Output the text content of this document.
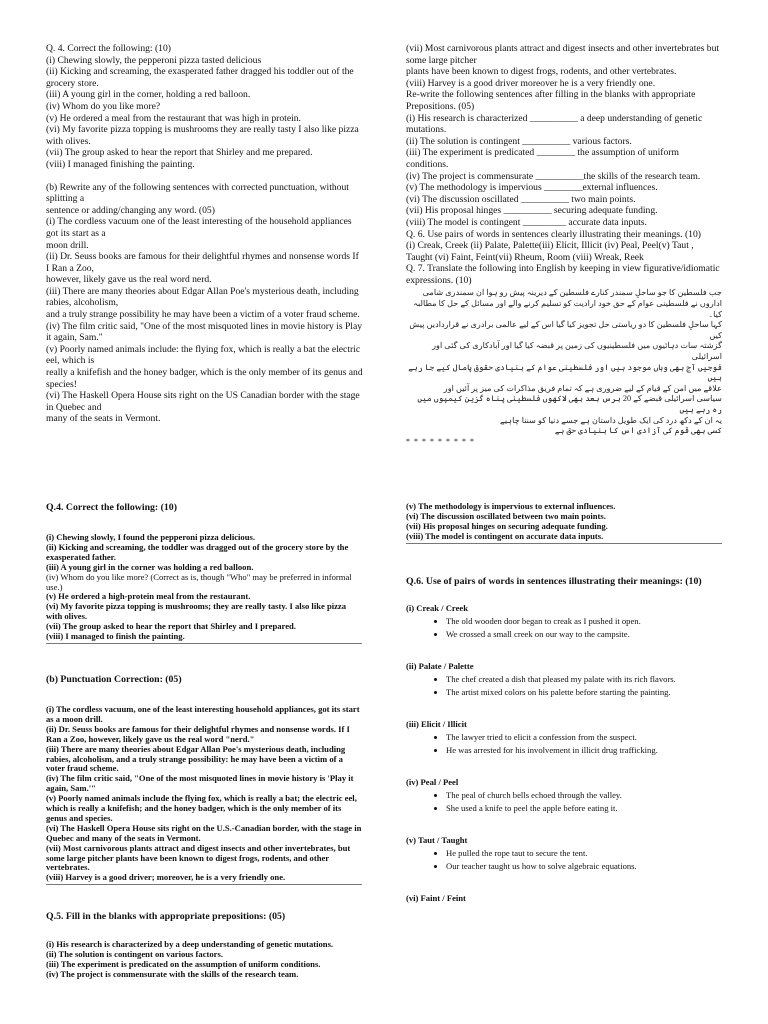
Q. 4. Correct the following: (10)

(i) Chewing slowly, the pepperoni pizza tasted delicious

(ii) Kicking and screaming, the exasperated father dragged his toddler out of the grocery store.

(iii) A young girl in the corner, holding a red balloon.

(iv) Whom do you like more?

(v) He ordered a meal from the restaurant that was high in protein.

(vi) My favorite pizza topping is mushrooms they are really tasty I also like pizza with olives.

(vii) The group asked to hear the report that Shirley and me prepared.

(viii) I managed finishing the painting.

(b) Rewrite any of the following sentences with corrected punctuation, without splitting a

sentence or adding/changing any word. (05)

(i) The cordless vacuum one of the least interesting of the household appliances got its start as a

moon drill.

(ii) Dr. Seuss books are famous for their delightful rhymes and nonsense words If I Ran a Zoo,

however, likely gave us the real word nerd.

(iii) There are many theories about Edgar Allan Poe's mysterious death, including rabies, alcoholism,

and a truly strange possibility he may have been a victim of a voter fraud scheme.

(iv) The film critic said, "One of the most misquoted lines in movie history is Play it again, Sam."

(v) Poorly named animals include: the flying fox, which is really a bat the electric eel, which is

really a knifefish and the honey badger, which is the only member of its genus and species!

(vi) The Haskell Opera House sits right on the US Canadian border with the stage in Quebec and

many of the seats in Vermont.

(vii) Most carnivorous plants attract and digest insects and other invertebrates but some large pitcher

plants have been known to digest frogs, rodents, and other vertebrates.

(viii) Harvey is a good driver moreover he is a very friendly one.

Re-write the following sentences after filling in the blanks with appropriate Prepositions. (05)

(i) His research is characterized __________ a deep understanding of genetic mutations.

(ii) The solution is contingent __________ various factors.

(iii) The experiment is predicated ________ the assumption of uniform conditions.

(iv) The project is commensurate __________the skills of the research team.

(v) The methodology is impervious ________external influences.

(vi) The discussion oscillated __________ two main points.

(vii) His proposal hinges __________ securing adequate funding.

(viii) The model is contingent _________ accurate data inputs.

Q. 6. Use pairs of words in sentences clearly illustrating their meanings. (10)

(i) Creak, Creek (ii) Palate, Palette(iii) Elicit, Illicit (iv) Peal, Peel(v) Taut , Taught (vi) Faint, Feint(vii) Rheum, Room (viii) Wreak, Reek

Q. 7. Translate the following into English by keeping in view figurative/idiomatic expressions. (10)

جب فلسطین کا جو ساحلِ سمندر کنارے فلسطین کے دیرینہ پیش رو ہوا ان سمندری شامی

اداروں نے فلسطینی عوام کے حق خود ارادیت کو تسلیم کرنے والے اور مسائل کے حل کا مطالبہ کیا۔

کہا ساحلِ فلسطین کا دو ریاستی حل تجویز کیا گیا اس کے لیے عالمی برادری نے قراردادیں پیش کیں

گزشتہ سات دہائیوں میں فلسطینیوں کی زمین پر قبضہ کیا گیا اور آبادکاری کی گئی اور اسرائیلی

فوجیں آج بھی وہاں موجود ہیں اور فلسطینی عوام کے بنیادی حقوق پامال کیے جا رہے ہیں

علاقے میں امن کے قیام کے لیے ضروری ہے کہ تمام فریق مذاکرات کی میز پر آئیں اور

سیاسی اسرائیلی قبضے کے 20 برس بعد بھی لاکھوں فلسطینی پناہ گزین کیمپوں میں رہ رہے ہیں

یہ ان کے دکھ درد کی ایک طویل داستان ہے جسے دنیا کو سننا چاہیے

کسی بھی قوم کی آزادی اس کا بنیادی حق ہے

* * * * * * * * *

Q.4. Correct the following: (10)

(i) Chewing slowly, I found the pepperoni pizza delicious.

(ii) Kicking and screaming, the toddler was dragged out of the grocery store by the exasperated father.

(iii) A young girl in the corner was holding a red balloon.

(iv) Whom do you like more? (Correct as is, though "Who" may be preferred in informal use.)

(v) He ordered a high-protein meal from the restaurant.

(vi) My favorite pizza topping is mushrooms; they are really tasty. I also like pizza with olives.

(vii) The group asked to hear the report that Shirley and I prepared.

(viii) I managed to finish the painting.

(b) Punctuation Correction: (05)

(i) The cordless vacuum, one of the least interesting household appliances, got its start as a moon drill.

(ii) Dr. Seuss books are famous for their delightful rhymes and nonsense words. If I Ran a Zoo, however, likely gave us the real word "nerd."

(iii) There are many theories about Edgar Allan Poe's mysterious death, including rabies, alcoholism, and a truly strange possibility: he may have been a victim of a voter fraud scheme.

(iv) The film critic said, "One of the most misquoted lines in movie history is 'Play it again, Sam.'"

(v) Poorly named animals include the flying fox, which is really a bat; the electric eel, which is really a knifefish; and the honey badger, which is the only member of its genus and species.

(vi) The Haskell Opera House sits right on the U.S.-Canadian border, with the stage in Quebec and many of the seats in Vermont.

(vii) Most carnivorous plants attract and digest insects and other invertebrates, but some large pitcher plants have been known to digest frogs, rodents, and other vertebrates.

(viii) Harvey is a good driver; moreover, he is a very friendly one.

Q.5. Fill in the blanks with appropriate prepositions: (05)

(i) His research is characterized by a deep understanding of genetic mutations.

(ii) The solution is contingent on various factors.

(iii) The experiment is predicated on the assumption of uniform conditions.

(iv) The project is commensurate with the skills of the research team.

(v) The methodology is impervious to external influences.

(vi) The discussion oscillated between two main points.

(vii) His proposal hinges on securing adequate funding.

(viii) The model is contingent on accurate data inputs.

Q.6. Use of pairs of words in sentences illustrating their meanings: (10)

(i) Creak / Creek

• The old wooden door began to creak as I pushed it open.
• We crossed a small creek on our way to the campsite.

(ii) Palate / Palette

• The chef created a dish that pleased my palate with its rich flavors.
• The artist mixed colors on his palette before starting the painting.

(iii) Elicit / Illicit

• The lawyer tried to elicit a confession from the suspect.
• He was arrested for his involvement in illicit drug trafficking.

(iv) Peal / Peel

• The peal of church bells echoed through the valley.
• She used a knife to peel the apple before eating it.

(v) Taut / Taught

• He pulled the rope taut to secure the tent.
• Our teacher taught us how to solve algebraic equations.

(vi) Faint / Feint
